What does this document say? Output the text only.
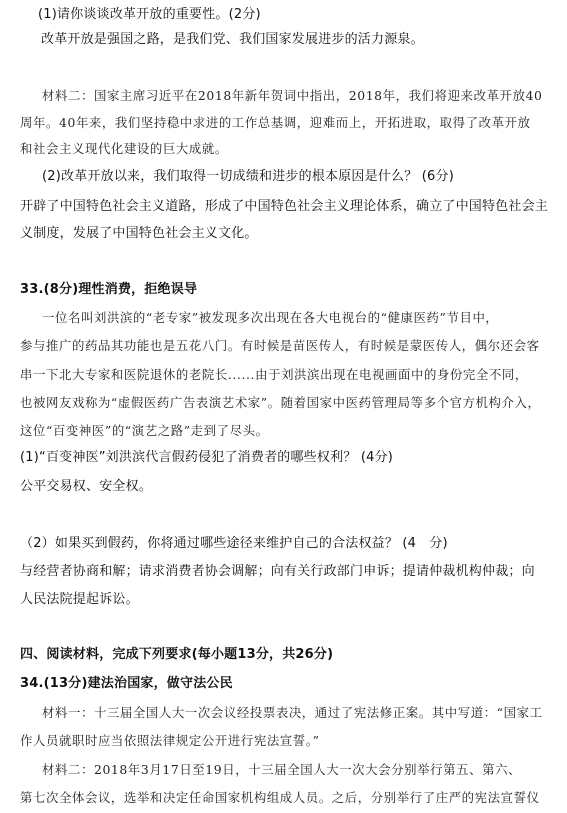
(1)请你谈谈改革开放的重要性。(2分)
改革开放是强国之路，是我们党、我们国家发展进步的活力源泉。
材料二：国家主席习近平在2018年新年贺词中指出，2018年，我们将迎来改革开放40
周年。40年来，我们坚持稳中求进的工作总基调，迎难而上，开拓进取，取得了改革开放
和社会主义现代化建设的巨大成就。
(2)改革开放以来，我们取得一切成绩和进步的根本原因是什么？ (6分)
开辟了中国特色社会主义道路，形成了中国特色社会主义理论体系，确立了中国特色社会主
义制度，发展了中国特色社会主义文化。
33.(8分)理性消费，拒绝误导
一位名叫刘洪滨的“老专家”被发现多次出现在各大电视台的“健康医药”节目中，
参与推广的药品其功能也是五花八门。有时候是苗医传人，有时候是蒙医传人，偶尔还会客
串一下北大专家和医院退休的老院长......由于刘洪滨出现在电视画面中的身份完全不同，
也被网友戏称为“虚假医药广告表演艺术家”。随着国家中医药管理局等多个官方机构介入，
这位“百变神医”的“演艺之路”走到了尽头。
(1)“百变神医”刘洪滨代言假药侵犯了消费者的哪些权利？ (4分)
公平交易权、安全权。
（2）如果买到假药，你将通过哪些途径来维护自己的合法权益？ (4　分)
与经营者协商和解；请求消费者协会调解；向有关行政部门申诉；提请仲裁机构仲裁；向
人民法院提起诉讼。
四、阅读材料，完成下列要求(每小题13分，共26分)
34.(13分)建法治国家，做守法公民
材料一：十三届全国人大一次会议经投票表决，通过了宪法修正案。其中写道：“国家工
作人员就职时应当依照法律规定公开进行宪法宣誓。”
材料二：2018年3月17日至19日，十三届全国人大一次大会分别举行第五、第六、
第七次全体会议，选举和决定任命国家机构组成人员。之后，分别举行了庄严的宪法宣誓仪
